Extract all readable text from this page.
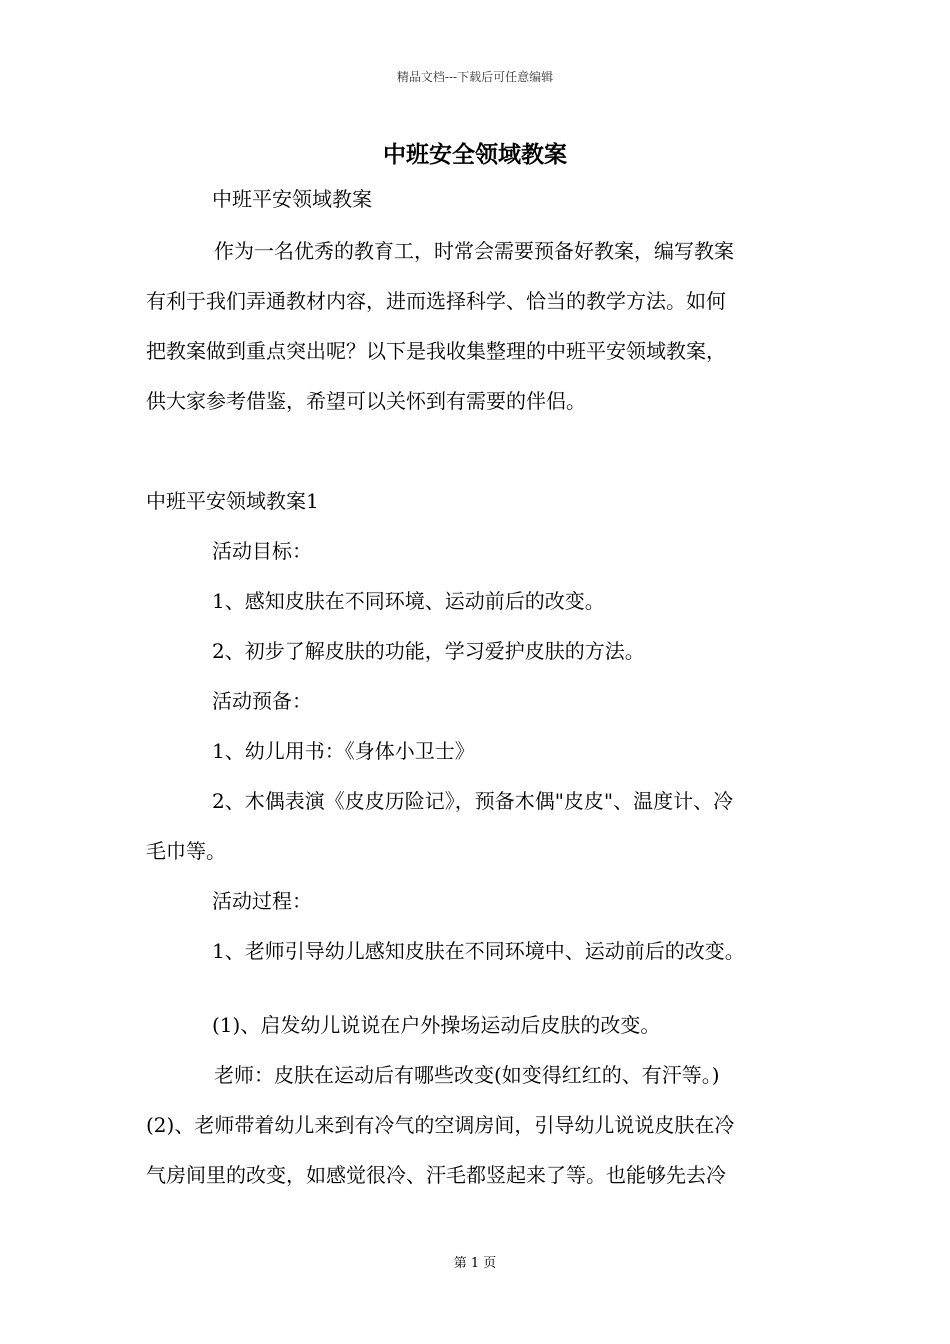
精品文档---下载后可任意编辑
中班安全领域教案
中班平安领域教案
作为一名优秀的教育工，时常会需要预备好教案，编写教案
有利于我们弄通教材内容，进而选择科学、恰当的教学方法。如何
把教案做到重点突出呢？以下是我收集整理的中班平安领域教案，
供大家参考借鉴，希望可以关怀到有需要的伴侣。
中班平安领域教案1
活动目标：
1、感知皮肤在不同环境、运动前后的改变。
2、初步了解皮肤的功能，学习爱护皮肤的方法。
活动预备：
1、幼儿用书：《身体小卫士》
2、木偶表演《皮皮历险记》，预备木偶"皮皮"、温度计、冷
毛巾等。
活动过程：
1、老师引导幼儿感知皮肤在不同环境中、运动前后的改变。
(1)、启发幼儿说说在户外操场运动后皮肤的改变。
老师：皮肤在运动后有哪些改变(如变得红红的、有汗等。)
(2)、老师带着幼儿来到有冷气的空调房间，引导幼儿说说皮肤在冷
气房间里的改变，如感觉很冷、汗毛都竖起来了等。也能够先去冷
第 1 页
